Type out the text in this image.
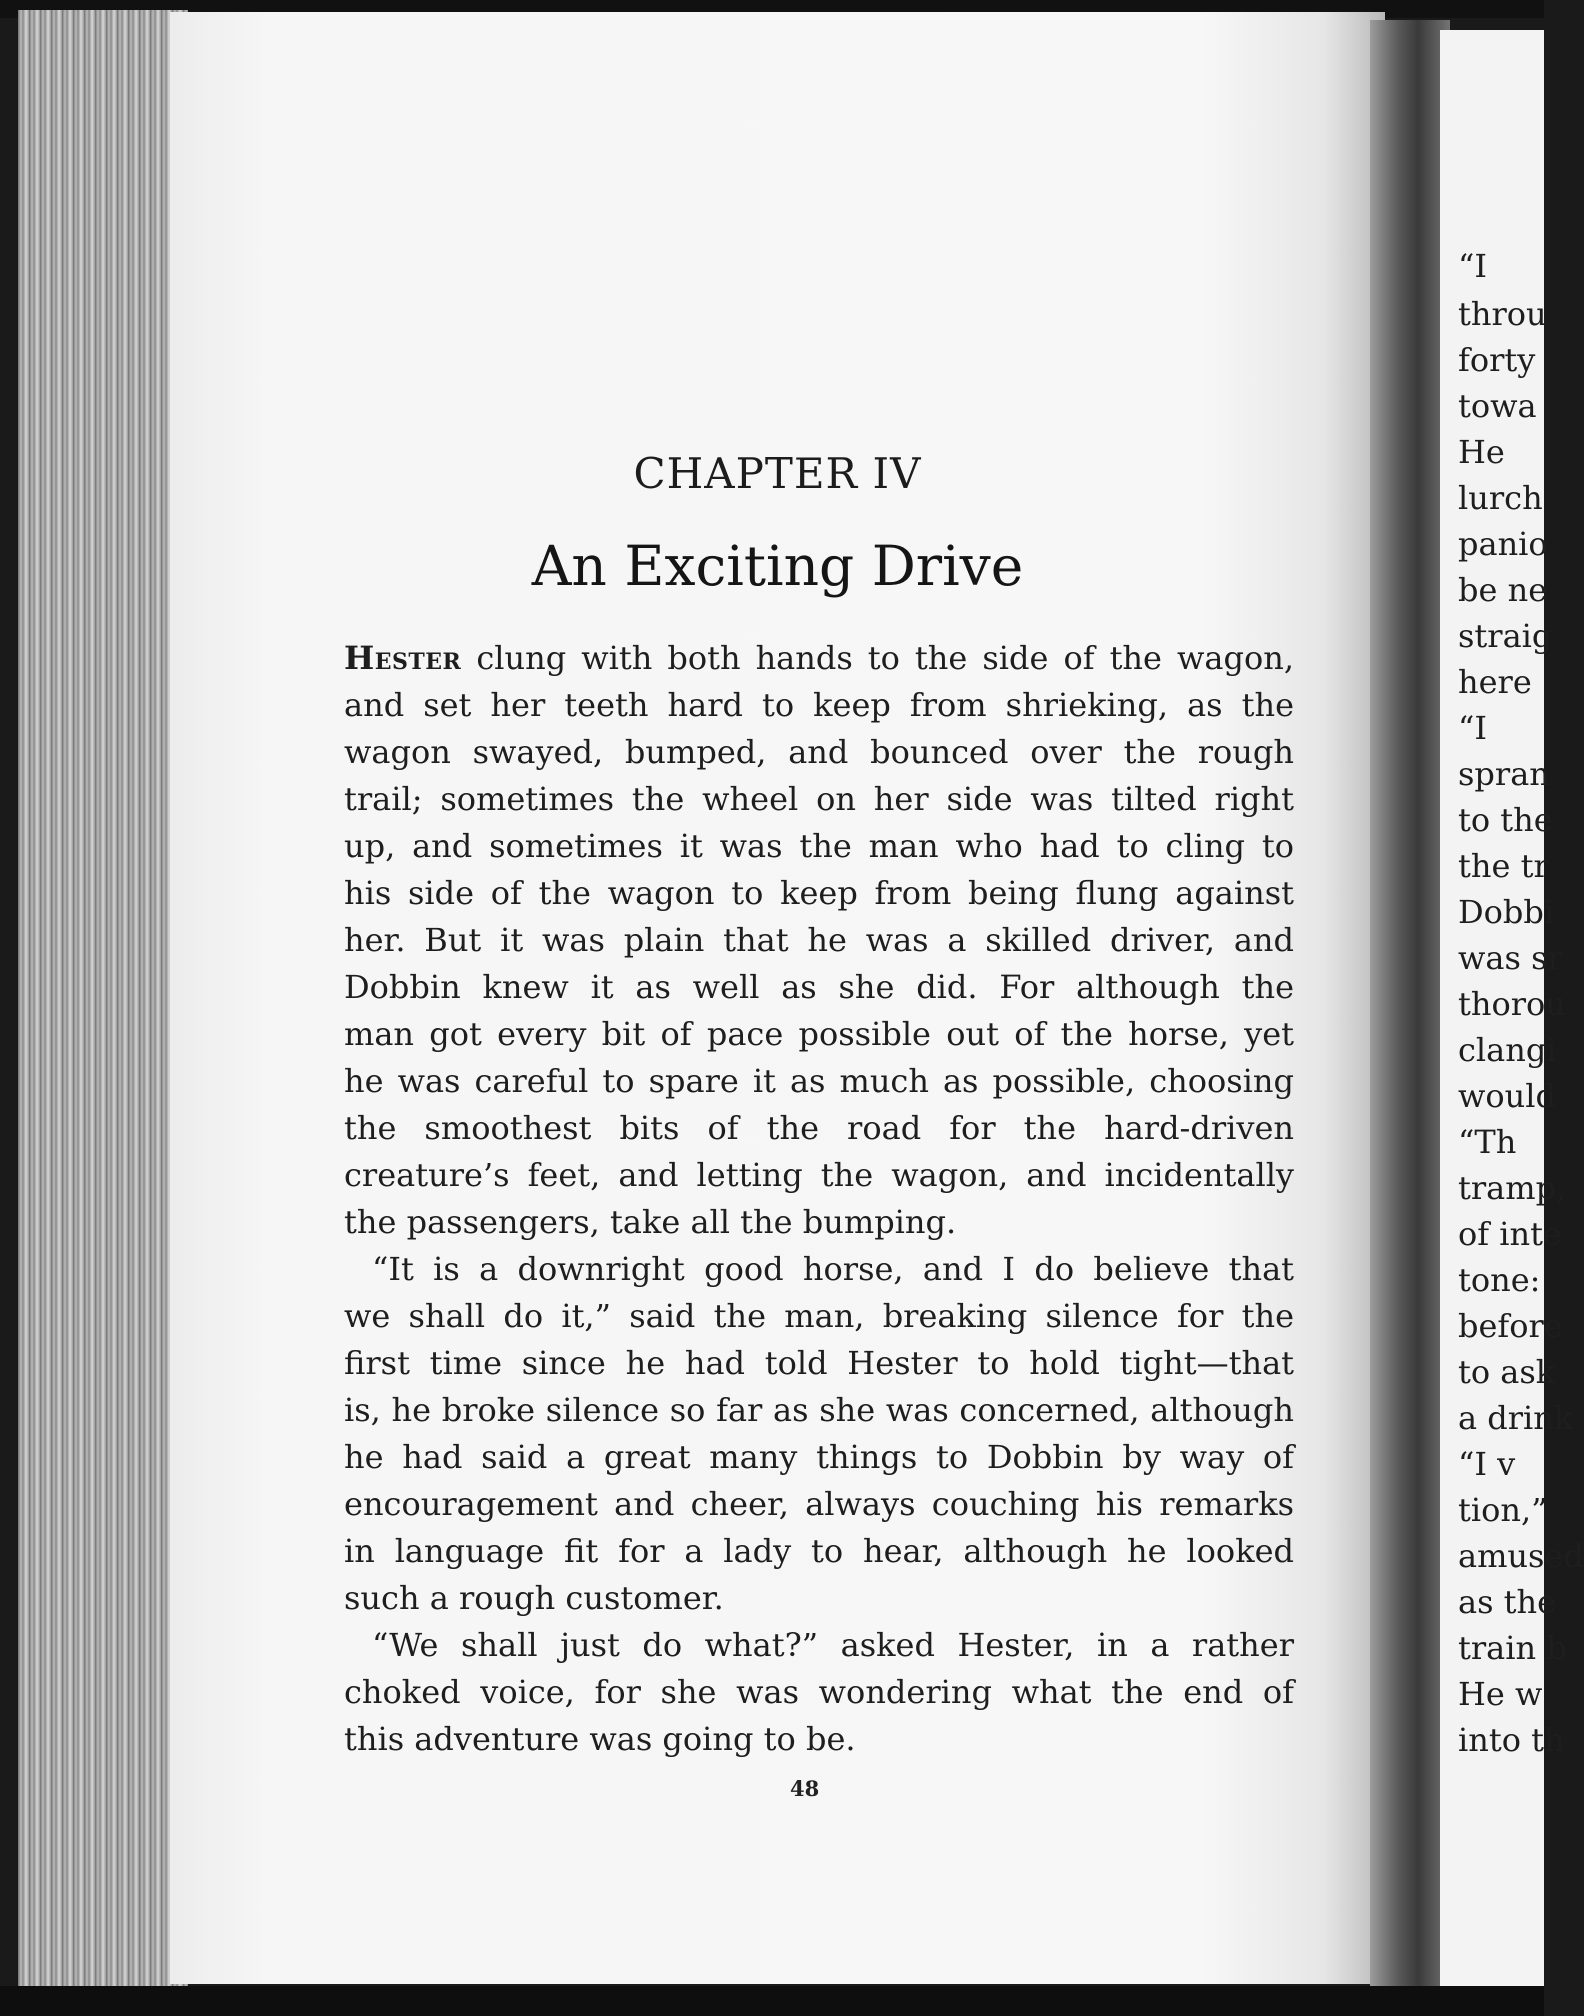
“I
throu
forty
towa
He
lurch
panio
be ne
straig
here
“I
spran
to the
the tr
Dobbi
was sr
thorou
clangi
would
“Th
tramp,
of inte
tone:
before
to ask
a drink
“I v
tion,”
amused
as the
train b
He w
into th
CHAPTER IV
An Exciting Drive

Hester clung with both hands to the side of the wagon,

and set her teeth hard to keep from shrieking, as the

wagon swayed, bumped, and bounced over the rough

trail; sometimes the wheel on her side was tilted right

up, and sometimes it was the man who had to cling to

his side of the wagon to keep from being flung against

her. But it was plain that he was a skilled driver, and

Dobbin knew it as well as she did. For although the

man got every bit of pace possible out of the horse, yet

he was careful to spare it as much as possible, choosing

the smoothest bits of the road for the hard-driven

creature’s feet, and letting the wagon, and incidentally

the passengers, take all the bumping.

“It is a downright good horse, and I do believe that

we shall do it,” said the man, breaking silence for the

first time since he had told Hester to hold tight—that

is, he broke silence so far as she was concerned, although

he had said a great many things to Dobbin by way of

encouragement and cheer, always couching his remarks

in language fit for a lady to hear, although he looked

such a rough customer.

“We shall just do what?” asked Hester, in a rather

choked voice, for she was wondering what the end of

this adventure was going to be.

48
